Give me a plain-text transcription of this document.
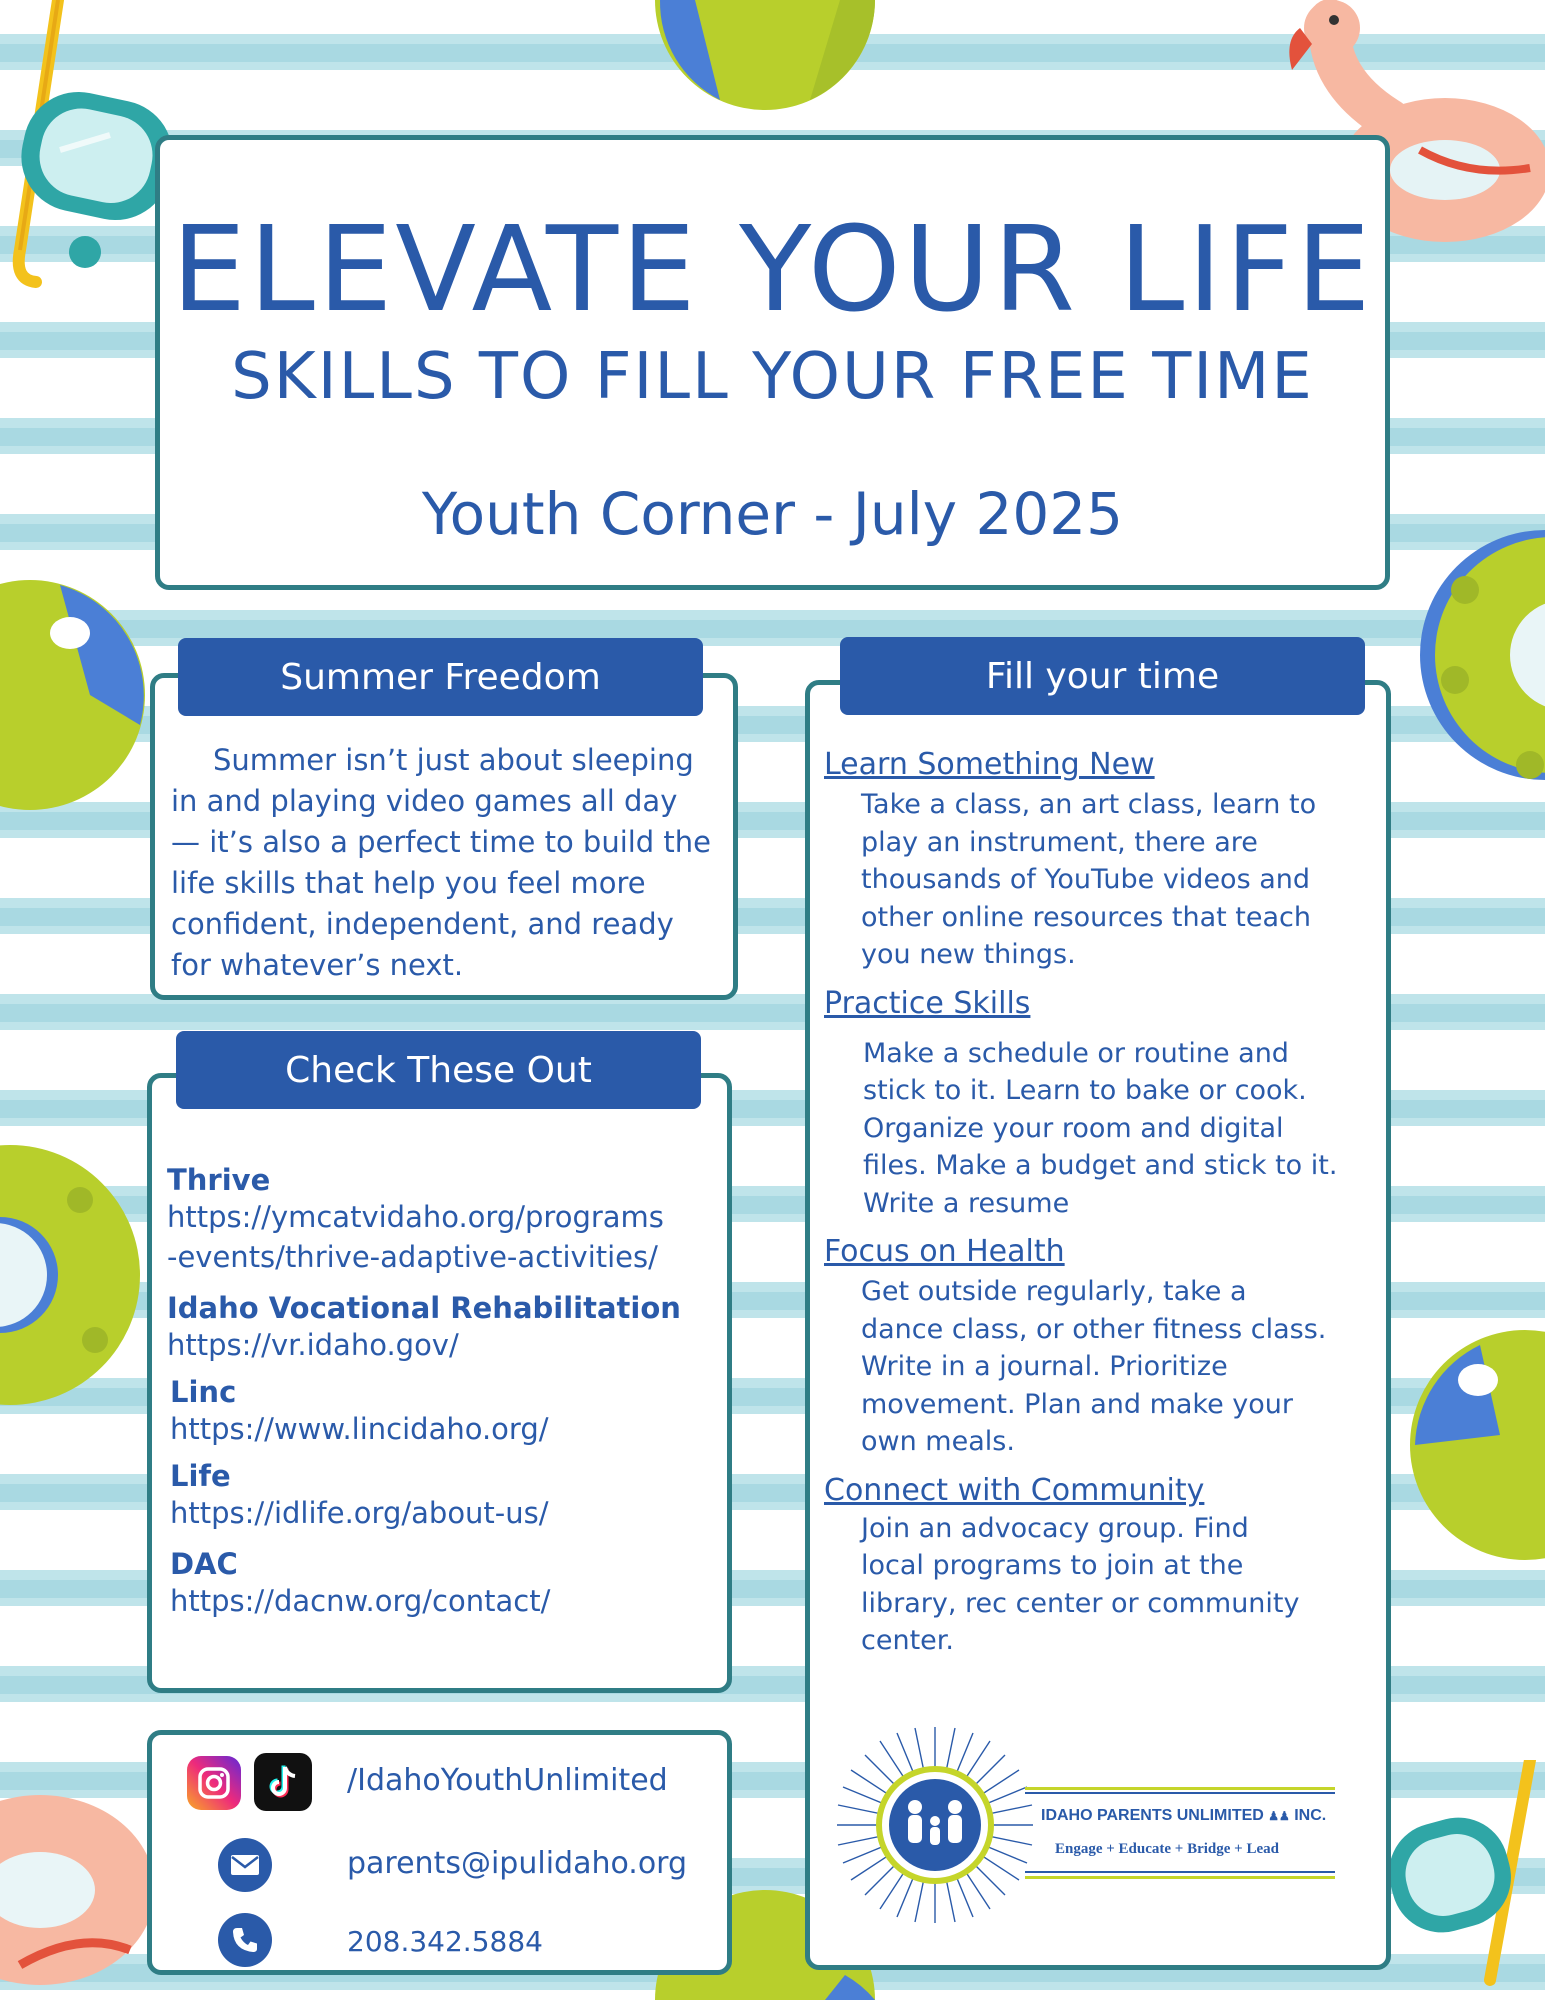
ELEVATE YOUR LIFE
SKILLS TO FILL YOUR FREE TIME
Youth Corner - July 2025
Summer isn’t just about sleeping
in and playing video games all day
— it’s also a perfect time to build the
life skills that help you feel more
confident, independent, and ready
for whatever’s next.
Summer Freedom
Thrive
https://ymcatvidaho.org/programs
-events/thrive-adaptive-activities/
Idaho Vocational Rehabilitation
https://vr.idaho.gov/
Linc
https://www.lincidaho.org/
Life
https://idlife.org/about-us/
DAC
https://dacnw.org/contact/
Check These Out
/IdahoYouthUnlimited
parents@ipulidaho.org
208.342.5884
Learn Something New
Take a class, an art class, learn to
play an instrument, there are
thousands of YouTube videos and
other online resources that teach
you new things.
Practice Skills
Make a schedule or routine and
stick to it. Learn to bake or cook.
Organize your room and digital
files. Make a budget and stick to it.
Write a resume
Focus on Health
Get outside regularly, take a
dance class, or other fitness class.
Write in a journal. Prioritize
movement. Plan and make your
own meals.
Connect with Community
Join an advocacy group. Find
local programs to join at the
library, rec center or community
center.
IDAHO PARENTS UNLIMITED ♟♟ INC.
Engage + Educate + Bridge + Lead
Fill your time
